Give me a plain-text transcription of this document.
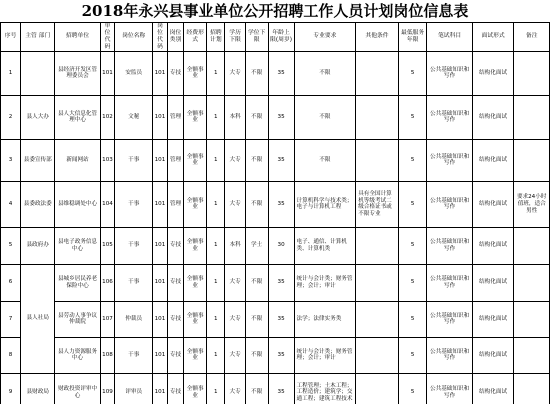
2018年永兴县事业单位公开招聘工作人员计划岗位信息表
序号	主管 部门	招聘单位	单位代码	岗位名称	岗位代码	岗位类别	经费形式	招聘计划	学历下限	学位下限	年龄上限(周岁)	专业要求	其他条件	最低服务年限	笔试科目	面试形式	备注
1		县经济开发区管理委员会	101	安监员	101	专技	全额事业	1	大专	不限	35	不限		5	公共基础知识和写作	结构化面试	
2	县人大办	县人大信息化管理中心	102	文秘	101	管理	全额事业	1	本科	不限	35	不限		5	公共基础知识和写作	结构化面试	
3	县委宣传部	新闻网站	103	干事	101	管理	全额事业	1	大专	不限	35	不限		5	公共基础知识和写作	结构化面试	
4	县委政法委	县维稳调处中心	104	干事	101	管理	全额事业	1	大专	不限	35	计算机科学与技术类；电子与计算机工程	具有全国计算机等级考试二级合格证书或不限专业	5	公共基础知识和写作	结构化面试	要求24小时值班，适合男性
5	县政府办	县电子政务信息中心	105	干事	101	专技	全额事业	1	本科	学士	30	电子、通信、计算机类、计算机类		5	公共基础知识和写作	结构化面试	
6	县人社局	县城乡居民养老保险中心	106	干事	101	专技	全额事业	1	大专	不限	35	统计与会计类；财务管理；会计；审计		5	公共基础知识和写作	结构化面试	
7		县劳动人事争议仲裁院	107	仲裁员	101	专技	全额事业	1	大专	不限	35	法学；法律实务类		5	公共基础知识和写作	结构化面试	
8		县人力资源服务中心	108	干事	101	专技	全额事业	1	大专	不限	35	统计与会计类；财务管理；会计；审计		5	公共基础知识和写作	结构化面试	
9	县财政局	财政投资评审中心	109	评审员	101	专技	全额事业	1	大专	不限	35	工程管理；土木工程；工程造价；建筑学；交通工程；建筑工程技术		5	公共基础知识和写作	结构化面试	
